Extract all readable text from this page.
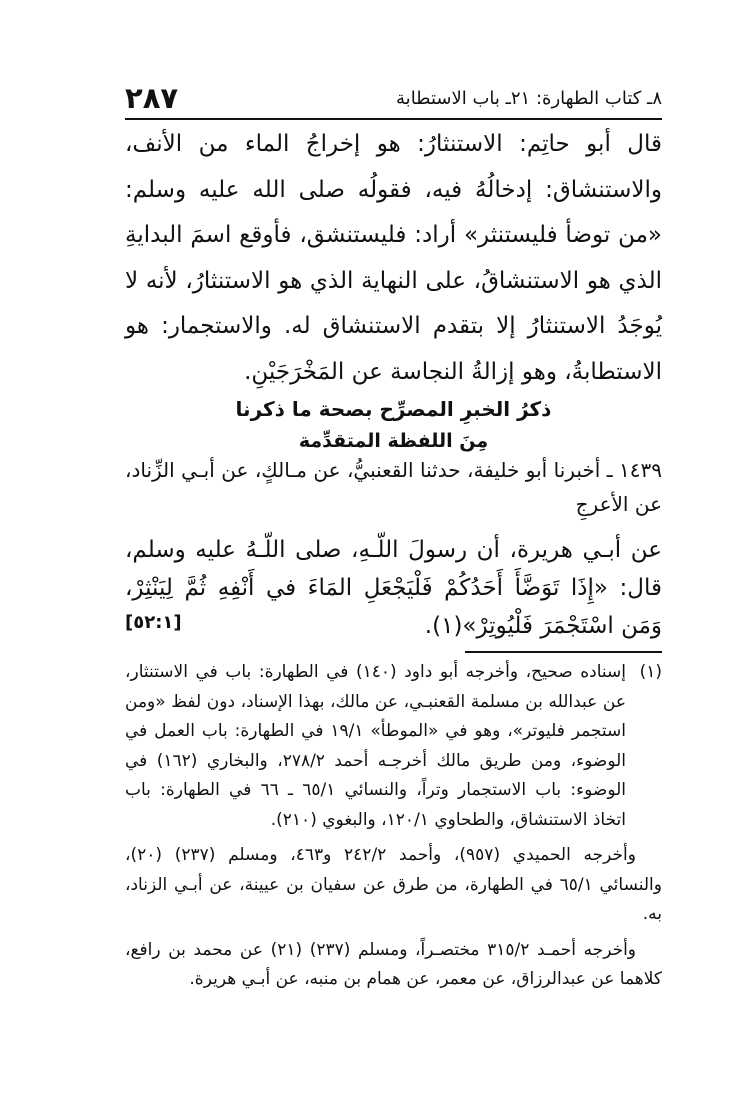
٢٨٧	٨ـ كتاب الطهارة: ٢١ـ باب الاستطابة

قال أبو حاتِم: الاستنثارُ: هو إخراجُ الماء من الأنف، والاستنشاق: إدخالُهُ فيه، فقولُه صلى الله عليه وسلم: «من توضأ فليستنثر» أراد: فليستنشق، فأوقع اسمَ البدايةِ الذي هو الاستنشاقُ، على النهاية الذي هو الاستنثارُ، لأنه لا يُوجَدُ الاستنثارُ إلا بتقدم الاستنشاق له. والاستجمار: هو الاستطابةُ، وهو إزالةُ النجاسة عن المَخْرَجَيْنِ.

ذكرُ الخبرِ المصرِّح بصحة ما ذكرنا
مِنَ اللفظة المتقدِّمة
١٤٣٩ ـ أخبرنا أبو خليفة، حدثنا القعنبيُّ، عن مـالكٍ، عن أبـي الزِّناد، عن الأعرجِ
عن أبـي هريرة، أن رسولَ اللّـهِ، صلى اللّـهُ عليه وسلم، قال: «إِذَا تَوَضَّأَ أَحَدُكُمْ فَلْيَجْعَلِ المَاءَ في أَنْفِهِ ثُمَّ لِيَنْثِرْ، وَمَن اسْتَجْمَرَ فَلْيُوتِرْ»(١).
[٥٢:١]

(١)إسناده صحيح، وأخرجه أبو داود (١٤٠) في الطهارة: باب في الاستنثار، عن عبدالله بن مسلمة القعنبـي، عن مالك، بهذا الإسناد، دون لفظ «ومن استجمر فليوتر»، وهو في «الموطأ» ١٩/١ في الطهارة: باب العمل في الوضوء، ومن طريق مالك أخرجـه أحمد ٢٧٨/٢، والبخاري (١٦٢) في الوضوء: باب الاستجمار وتراً، والنسائي ٦٥/١ ـ ٦٦ في الطهارة: باب اتخاذ الاستنشاق، والطحاوي ١٢٠/١، والبغوي (٢١٠).

وأخرجه الحميدي (٩٥٧)، وأحمد ٢٤٢/٢ و٤٦٣، ومسلم (٢٣٧) (٢٠)، والنسائي ٦٥/١ في الطهارة، من طرق عن سفيان بن عيينة، عن أبـي الزناد، به.

وأخرجه أحمـد ٣١٥/٢ مختصـراً، ومسلم (٢٣٧) (٢١) عن محمد بن رافع، كلاهما عن عبدالرزاق، عن معمر، عن همام بن منبه، عن أبـي هريرة.
